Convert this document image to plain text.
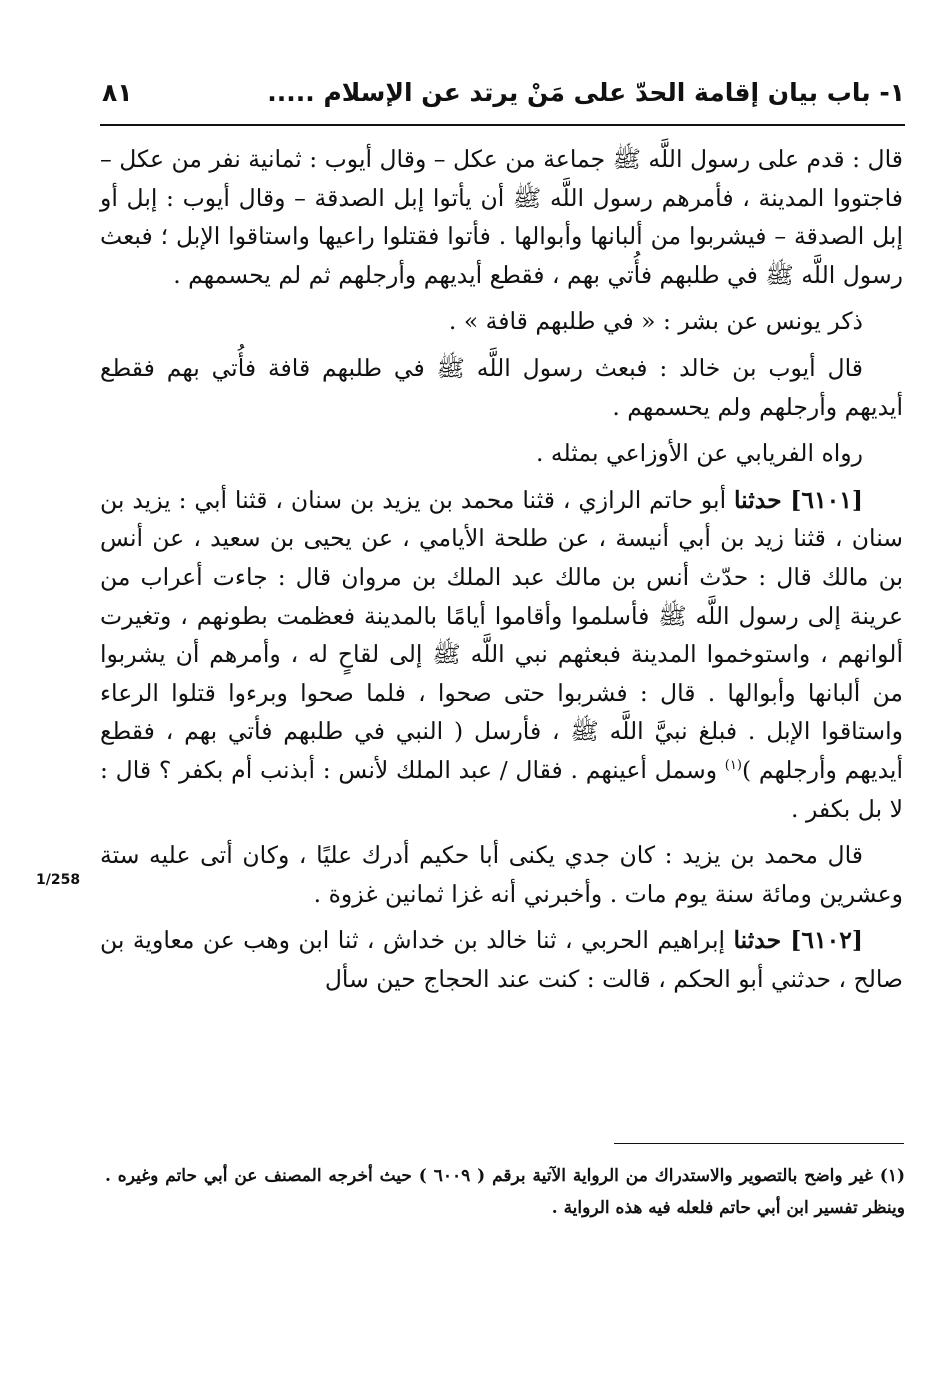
١- باب بيان إقامة الحدّ على مَنْ يرتد عن الإسلام .....
٨١

قال : قدم على رسول اللَّه ﷺ جماعة من عكل – وقال أيوب : ثمانية نفر من عكل – فاجتووا المدينة ، فأمرهم رسول اللَّه ﷺ أن يأتوا إبل الصدقة – وقال أيوب : إبل أو إبل الصدقة – فيشربوا من ألبانها وأبوالها . فأتوا فقتلوا راعيها واستاقوا الإبل ؛ فبعث رسول اللَّه ﷺ في طلبهم فأُتي بهم ، فقطع أيديهم وأرجلهم ثم لم يحسمهم .

ذكر يونس عن بشر : « في طلبهم قافة » .

قال أيوب بن خالد : فبعث رسول اللَّه ﷺ في طلبهم قافة فأُتي بهم فقطع أيديهم وأرجلهم ولم يحسمهم .

رواه الفريابي عن الأوزاعي بمثله .

[٦١٠١] حدثنا أبو حاتم الرازي ، قثنا محمد بن يزيد بن سنان ، قثنا أبي : يزيد بن سنان ، قثنا زيد بن أبي أنيسة ، عن طلحة الأيامي ، عن يحيى بن سعيد ، عن أنس بن مالك قال : حدّث أنس بن مالك عبد الملك بن مروان قال : جاءت أعراب من عرينة إلى رسول اللَّه ﷺ فأسلموا وأقاموا أيامًا بالمدينة فعظمت بطونهم ، وتغيرت ألوانهم ، واستوخموا المدينة فبعثهم نبي اللَّه ﷺ إلى لقاحٍ له ، وأمرهم أن يشربوا من ألبانها وأبوالها . قال : فشربوا حتى صحوا ، فلما صحوا وبرءوا قتلوا الرعاء واستاقوا الإبل . فبلغ نبيَّ اللَّه ﷺ ، فأرسل ( النبي في طلبهم فأتي بهم ، فقطع أيديهم وأرجلهم )$^{(١)}$ وسمل أعينهم . فقال / عبد الملك لأنس : أبذنب أم بكفر ؟ قال : لا بل بكفر .

قال محمد بن يزيد : كان جدي يكنى أبا حكيم أدرك عليًا ، وكان أتى عليه ستة وعشرين ومائة سنة يوم مات . وأخبرني أنه غزا ثمانين غزوة .

[٦١٠٢] حدثنا إبراهيم الحربي ، ثنا خالد بن خداش ، ثنا ابن وهب عن معاوية بن صالح ، حدثني أبو الحكم ، قالت : كنت عند الحجاج حين سأل

1/258

(١) غير واضح بالتصوير والاستدراك من الرواية الآتية برقم ( ٦٠٠٩ ) حيث أخرجه المصنف عن أبي حاتم وغيره . وينظر تفسير ابن أبي حاتم فلعله فيه هذه الرواية .
